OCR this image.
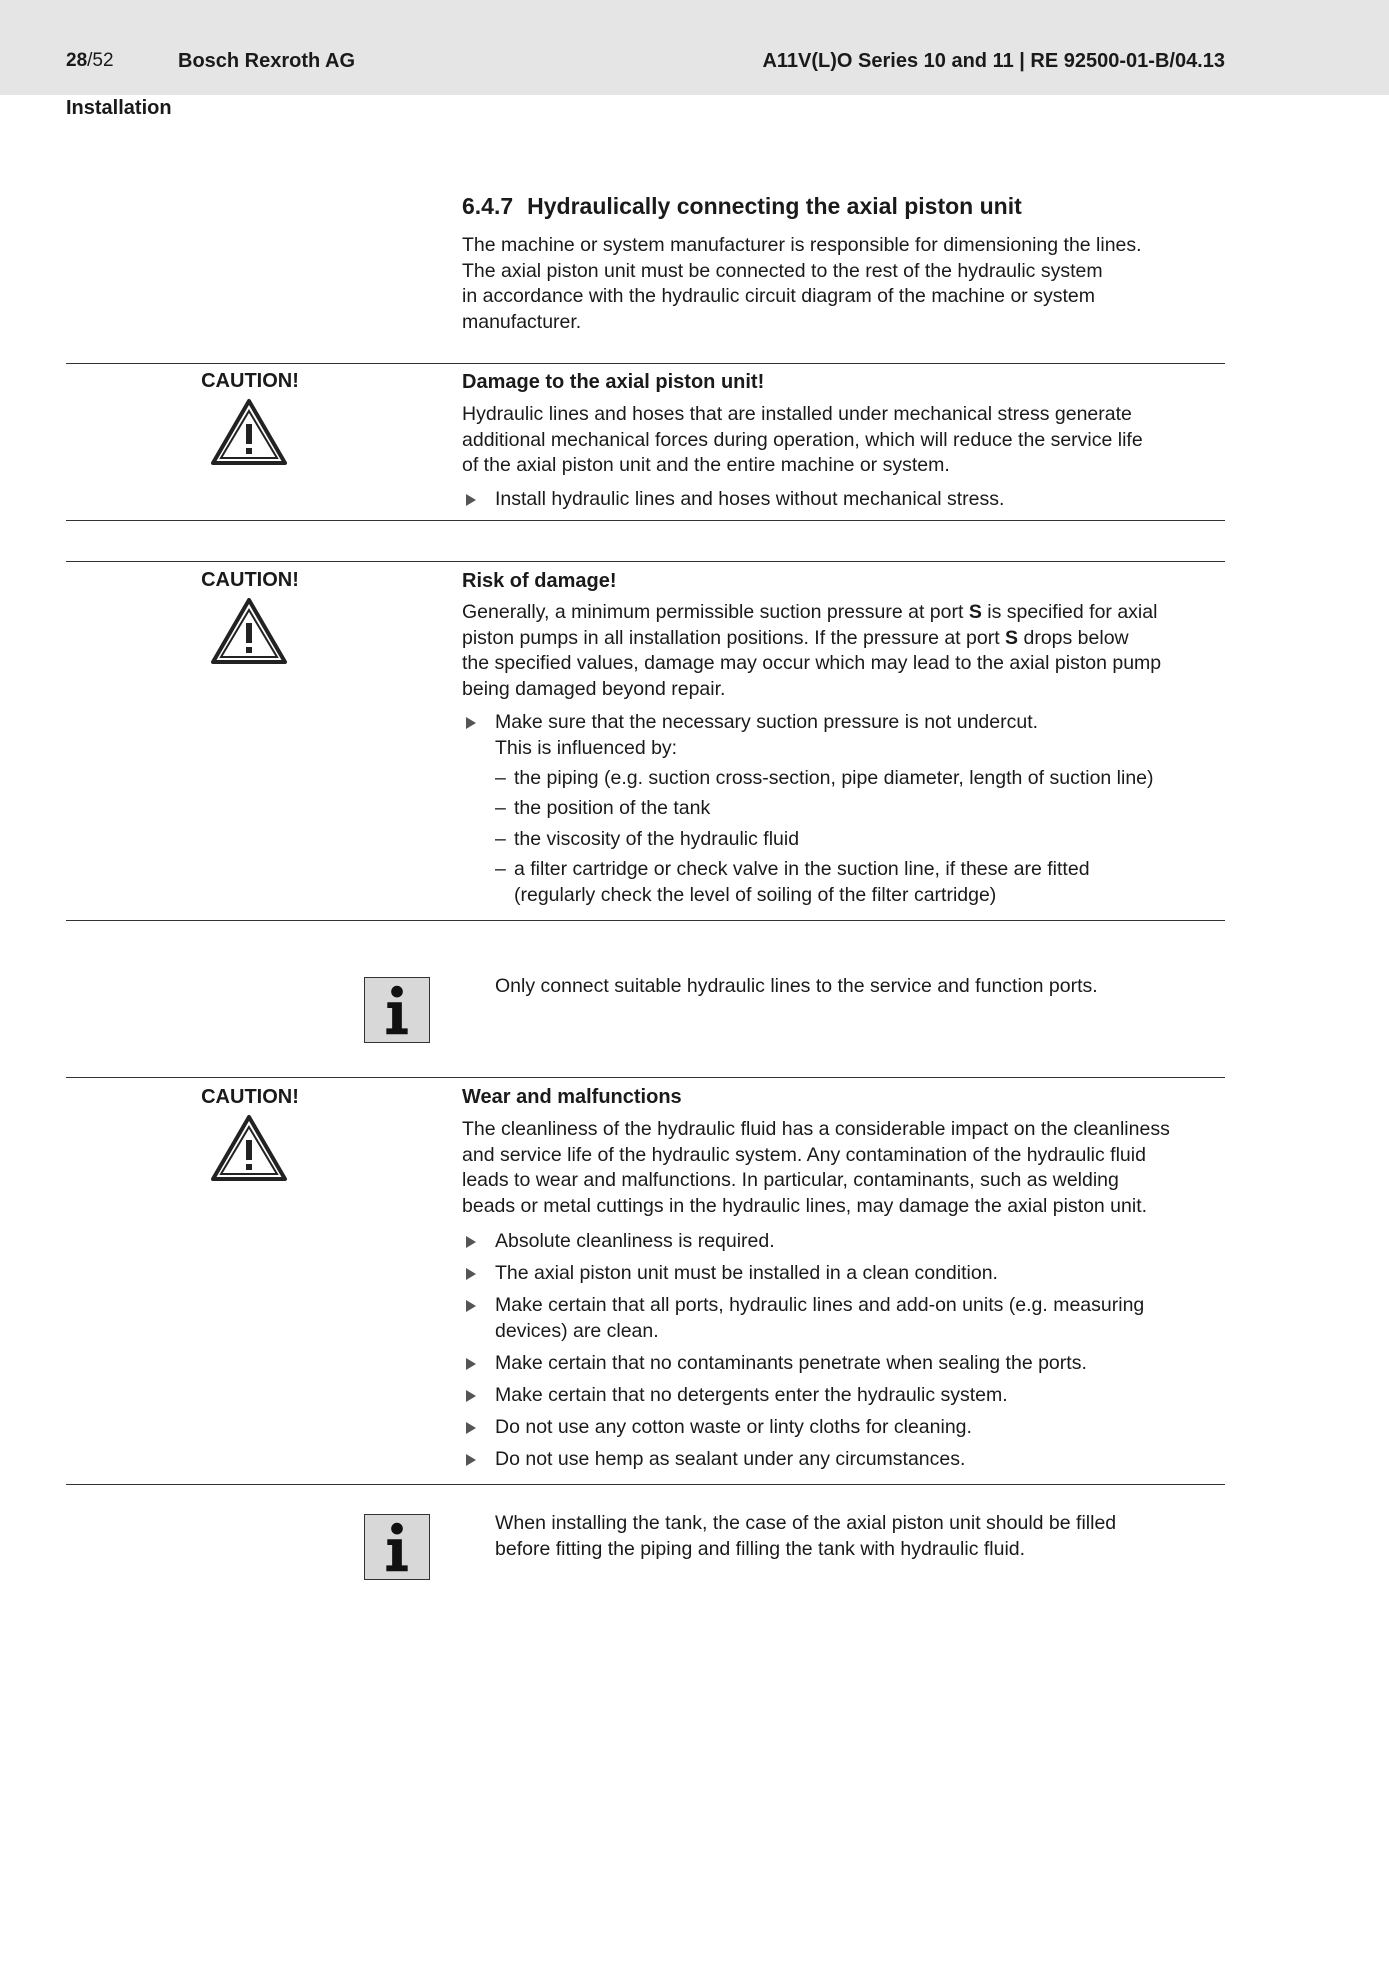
28/52	Bosch Rexroth AG	A11V(L)O Series 10 and 11 | RE 92500-01-B/04.13
Installation
6.4.7 Hydraulically connecting the axial piston unit
The machine or system manufacturer is responsible for dimensioning the lines.
The axial piston unit must be connected to the rest of the hydraulic system
in accordance with the hydraulic circuit diagram of the machine or system
manufacturer.
CAUTION!	Damage to the axial piston unit!
Hydraulic lines and hoses that are installed under mechanical stress generate
additional mechanical forces during operation, which will reduce the service life
of the axial piston unit and the entire machine or system.
Install hydraulic lines and hoses without mechanical stress.
CAUTION!	Risk of damage!
Generally, a minimum permissible suction pressure at port S is specified for axial
piston pumps in all installation positions. If the pressure at port S drops below
the specified values, damage may occur which may lead to the axial piston pump
being damaged beyond repair.
Make sure that the necessary suction pressure is not undercut.
This is influenced by:
– the piping (e.g. suction cross-section, pipe diameter, length of suction line)
– the position of the tank
– the viscosity of the hydraulic fluid
– a filter cartridge or check valve in the suction line, if these are fitted
(regularly check the level of soiling of the filter cartridge)
Only connect suitable hydraulic lines to the service and function ports.
CAUTION!	Wear and malfunctions
The cleanliness of the hydraulic fluid has a considerable impact on the cleanliness
and service life of the hydraulic system. Any contamination of the hydraulic fluid
leads to wear and malfunctions. In particular, contaminants, such as welding
beads or metal cuttings in the hydraulic lines, may damage the axial piston unit.
Absolute cleanliness is required.
The axial piston unit must be installed in a clean condition.
Make certain that all ports, hydraulic lines and add-on units (e.g. measuring
devices) are clean.
Make certain that no contaminants penetrate when sealing the ports.
Make certain that no detergents enter the hydraulic system.
Do not use any cotton waste or linty cloths for cleaning.
Do not use hemp as sealant under any circumstances.
When installing the tank, the case of the axial piston unit should be filled
before fitting the piping and filling the tank with hydraulic fluid.
